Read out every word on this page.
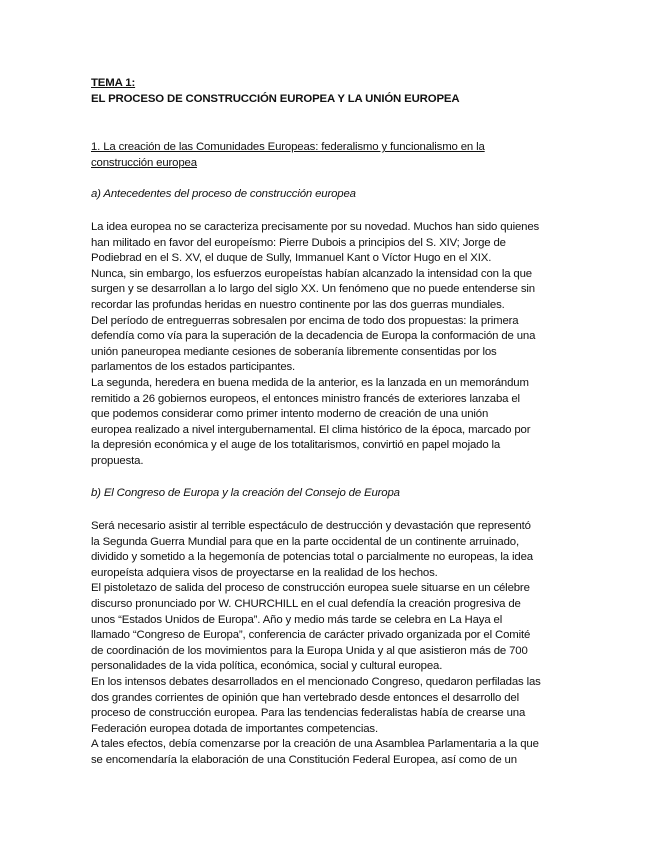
TEMA 1:
EL PROCESO DE CONSTRUCCIÓN EUROPEA Y LA UNIÓN EUROPEA
1. La creación de las Comunidades Europeas: federalismo y funcionalismo en la
construcción europea
a) Antecedentes del proceso de construcción europea
La idea europea no se caracteriza precisamente por su novedad. Muchos han sido quienes
han militado en favor del europeísmo: Pierre Dubois a principios del S. XIV; Jorge de
Podiebrad en el S. XV, el duque de Sully, Immanuel Kant o Víctor Hugo en el XIX.
Nunca, sin embargo, los esfuerzos europeístas habían alcanzado la intensidad con la que
surgen y se desarrollan a lo largo del siglo XX. Un fenómeno que no puede entenderse sin
recordar las profundas heridas en nuestro continente por las dos guerras mundiales.
Del período de entreguerras sobresalen por encima de todo dos propuestas: la primera
defendía como vía para la superación de la decadencia de Europa la conformación de una
unión paneuropea mediante cesiones de soberanía libremente consentidas por los
parlamentos de los estados participantes.
La segunda, heredera en buena medida de la anterior, es la lanzada en un memorándum
remitido a 26 gobiernos europeos, el entonces ministro francés de exteriores lanzaba el
que podemos considerar como primer intento moderno de creación de una unión
europea realizado a nivel intergubernamental. El clima histórico de la época, marcado por
la depresión económica y el auge de los totalitarismos, convirtió en papel mojado la
propuesta.
b) El Congreso de Europa y la creación del Consejo de Europa
Será necesario asistir al terrible espectáculo de destrucción y devastación que representó
la Segunda Guerra Mundial para que en la parte occidental de un continente arruinado,
dividido y sometido a la hegemonía de potencias total o parcialmente no europeas, la idea
europeísta adquiera visos de proyectarse en la realidad de los hechos.
El pistoletazo de salida del proceso de construcción europea suele situarse en un célebre
discurso pronunciado por W. CHURCHILL en el cual defendía la creación progresiva de
unos “Estados Unidos de Europa”. Año y medio más tarde se celebra en La Haya el
llamado “Congreso de Europa”, conferencia de carácter privado organizada por el Comité
de coordinación de los movimientos para la Europa Unida y al que asistieron más de 700
personalidades de la vida política, económica, social y cultural europea.
En los intensos debates desarrollados en el mencionado Congreso, quedaron perfiladas las
dos grandes corrientes de opinión que han vertebrado desde entonces el desarrollo del
proceso de construcción europea. Para las tendencias federalistas había de crearse una
Federación europea dotada de importantes competencias.
A tales efectos, debía comenzarse por la creación de una Asamblea Parlamentaria a la que
se encomendaría la elaboración de una Constitución Federal Europea, así como de un
